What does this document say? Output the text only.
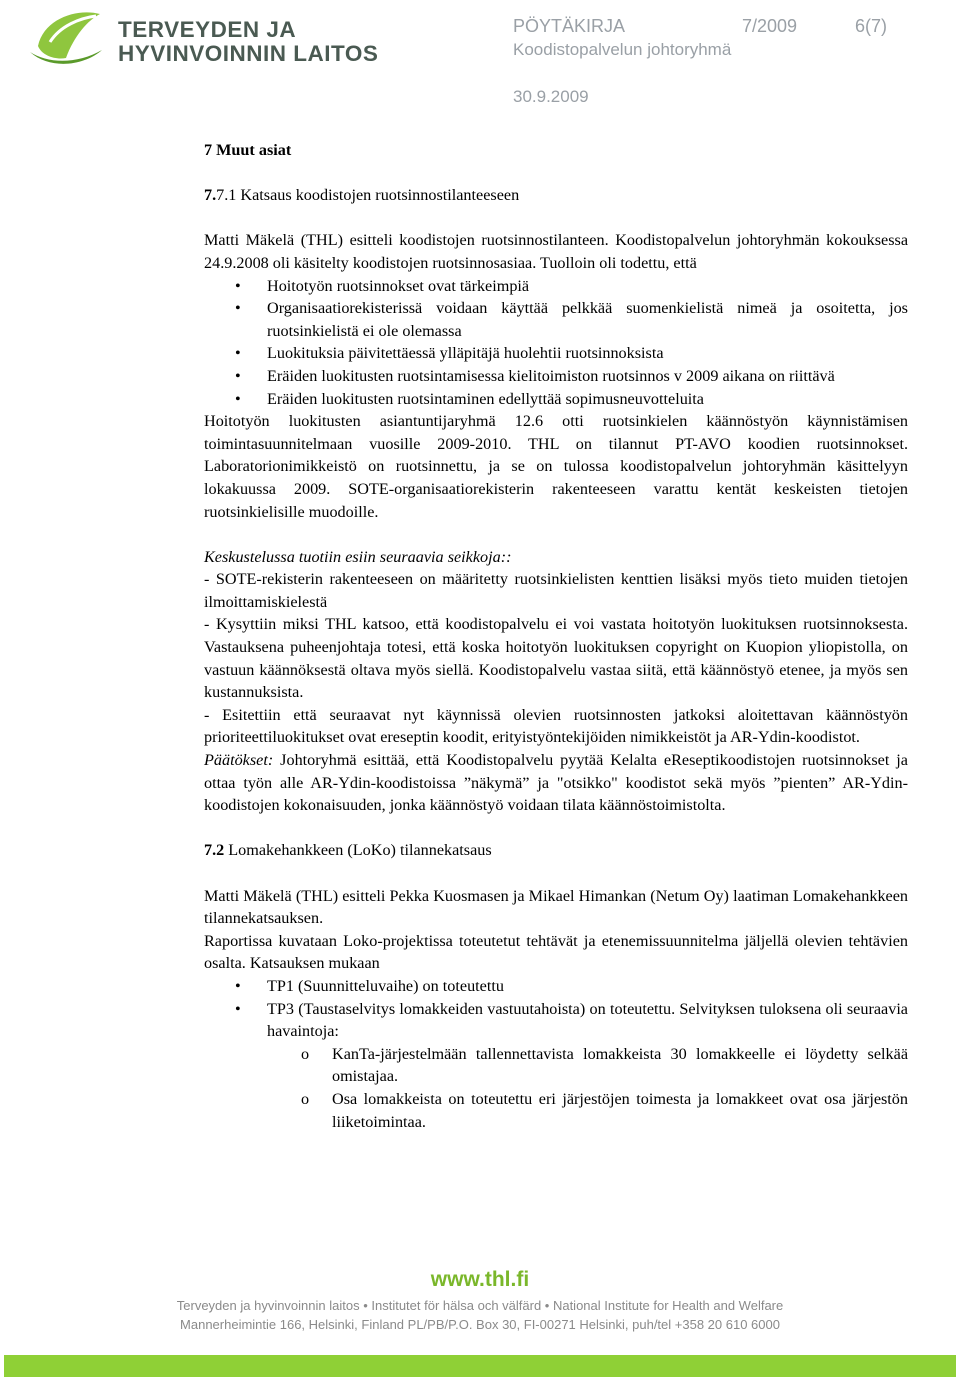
TERVEYDEN JA
HYVINVOINNIN LAITOS
PÖYTÄKIRJA	7/2009	6(7)
Koodistopalvelun johtoryhmä
30.9.2009

7 Muut asiat

7.7.1 Katsaus koodistojen ruotsinnostilanteeseen

Matti Mäkelä (THL) esitteli koodistojen ruotsinnostilanteen. Koodistopalvelun johtoryhmän kokouksessa 24.9.2008 oli käsitelty koodistojen ruotsinnosasiaa. Tuolloin oli todettu, että

• Hoitotyön ruotsinnokset ovat tärkeimpiä
• Organisaatiorekisterissä voidaan käyttää pelkkää suomenkielistä nimeä ja osoitetta, jos ruotsinkielistä ei ole olemassa
• Luokituksia päivitettäessä ylläpitäjä huolehtii ruotsinnoksista
• Eräiden luokitusten ruotsintamisessa kielitoimiston ruotsinnos v 2009 aikana on riittävä
• Eräiden luokitusten ruotsintaminen edellyttää sopimusneuvotteluita

Hoitotyön luokitusten asiantuntijaryhmä 12.6 otti ruotsinkielen käännöstyön käynnistämisen toimintasuunnitelmaan vuosille 2009-2010. THL on tilannut PT-AVO koodien ruotsinnokset. Laboratorionimikkeistö on ruotsinnettu, ja se on tulossa koodistopalvelun johtoryhmän käsittelyyn lokakuussa 2009. SOTE-organisaatiorekisterin rakenteeseen varattu kentät keskeisten tietojen ruotsinkielisille muodoille.

Keskustelussa tuotiin esiin seuraavia seikkoja::

- SOTE-rekisterin rakenteeseen on määritetty ruotsinkielisten kenttien lisäksi myös tieto muiden tietojen ilmoittamiskielestä

- Kysyttiin miksi THL katsoo, että koodistopalvelu ei voi vastata hoitotyön luokituksen ruotsinnoksesta. Vastauksena puheenjohtaja totesi, että koska hoitotyön luokituksen copyright on Kuopion yliopistolla, on vastuun käännöksestä oltava myös siellä. Koodistopalvelu vastaa siitä, että käännöstyö etenee, ja myös sen kustannuksista.

- Esitettiin että seuraavat nyt käynnissä olevien ruotsinnosten jatkoksi aloitettavan käännöstyön prioriteettiluokitukset ovat ereseptin koodit, erityistyöntekijöiden nimikkeistöt ja AR-Ydin-koodistot.

Päätökset: Johtoryhmä esittää, että Koodistopalvelu pyytää Kelalta eReseptikoodistojen ruotsinnokset ja ottaa työn alle AR-Ydin-koodistoissa ”näkymä” ja "otsikko" koodistot sekä myös ”pienten” AR-Ydin-koodistojen kokonaisuuden, jonka käännöstyö voidaan tilata käännöstoimistolta.

7.2 Lomakehankkeen (LoKo) tilannekatsaus

Matti Mäkelä (THL) esitteli Pekka Kuosmasen ja Mikael Himankan (Netum Oy) laatiman Lomakehankkeen tilannekatsauksen.

Raportissa kuvataan Loko-projektissa toteutetut tehtävät ja etenemissuunnitelma jäljellä olevien tehtävien osalta. Katsauksen mukaan

• TP1 (Suunnitteluvaihe) on toteutettu
• TP3 (Taustaselvitys lomakkeiden vastuutahoista) on toteutettu. Selvityksen tuloksena oli seuraavia havaintoja:
o KanTa-järjestelmään tallennettavista lomakkeista 30 lomakkeelle ei löydetty selkää omistajaa.
o Osa lomakkeista on toteutettu eri järjestöjen toimesta ja lomakkeet ovat osa järjestön liiketoimintaa.
www.thl.fi
Terveyden ja hyvinvoinnin laitos • Institutet för hälsa och välfärd • National Institute for Health and Welfare
Mannerheimintie 166, Helsinki, Finland PL/PB/P.O. Box 30, FI-00271 Helsinki, puh/tel +358 20 610 6000
